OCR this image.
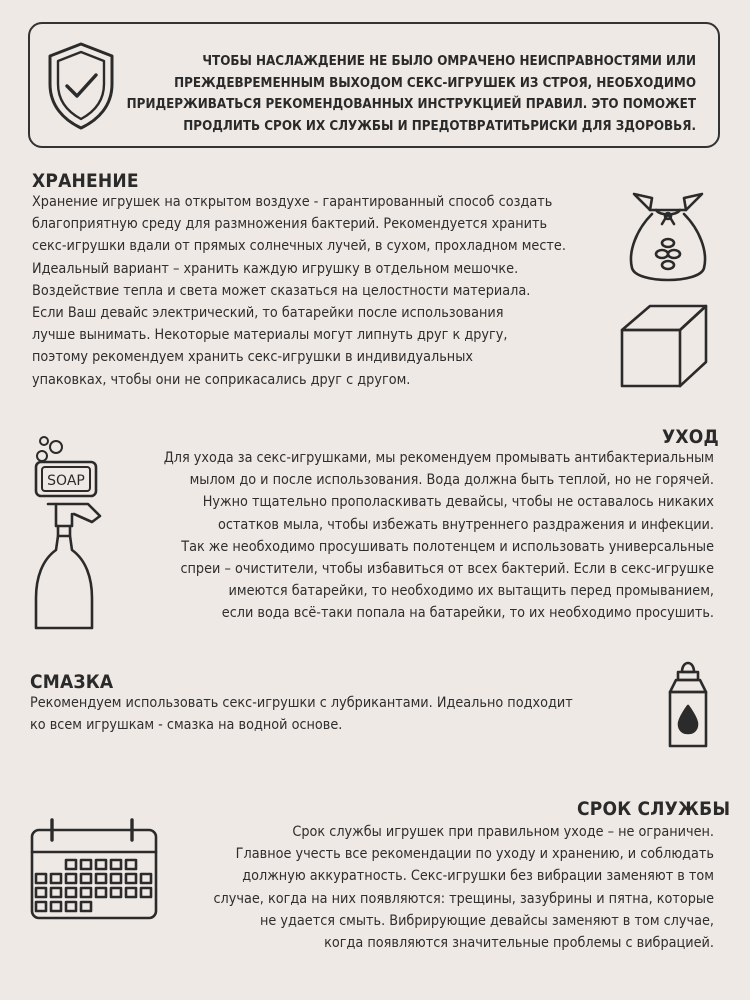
ЧТОБЫ НАСЛАЖДЕНИЕ НЕ БЫЛО ОМРАЧЕНО НЕИСПРАВНОСТЯМИ ИЛИ
ПРЕЖДЕВРЕМЕННЫМ ВЫХОДОМ СЕКС-ИГРУШЕК ИЗ СТРОЯ, НЕОБХОДИМО
ПРИДЕРЖИВАТЬСЯ РЕКОМЕНДОВАННЫХ ИНСТРУКЦИЕЙ ПРАВИЛ. ЭТО ПОМОЖЕТ
ПРОДЛИТЬ СРОК ИХ СЛУЖБЫ И ПРЕДОТВРАТИТЬРИСКИ ДЛЯ ЗДОРОВЬЯ.
ХРАНЕНИЕ
Хранение игрушек на открытом воздухе - гарантированный способ создать
благоприятную среду для размножения бактерий. Рекомендуется хранить
секс-игрушки вдали от прямых солнечных лучей, в сухом, прохладном месте.
Идеальный вариант – хранить каждую игрушку в отдельном мешочке.
Воздействие тепла и света может сказаться на целостности материала.
Если Ваш девайс электрический, то батарейки после использования
лучше вынимать. Некоторые материалы могут липнуть друг к другу,
поэтому рекомендуем хранить секс-игрушки в индивидуальных
упаковках, чтобы они не соприкасались друг с другом.
УХОД
Для ухода за секс-игрушками, мы рекомендуем промывать антибактериальным
мылом до и после использования. Вода должна быть теплой, но не горячей.
Нужно тщательно прополаскивать девайсы, чтобы не оставалось никаких
остатков мыла, чтобы избежать внутреннего раздражения и инфекции.
Так же необходимо просушивать полотенцем и использовать универсальные
спреи – очистители, чтобы избавиться от всех бактерий. Если в секс-игрушке
имеются батарейки, то необходимо их вытащить перед промыванием,
если вода всё-таки попала на батарейки, то их необходимо просушить.
SOAP
СМАЗКА
Рекомендуем использовать секс-игрушки с лубрикантами. Идеально подходит
ко всем игрушкам - смазка на водной основе.
СРОК СЛУЖБЫ
Срок службы игрушек при правильном уходе – не ограничен.
Главное учесть все рекомендации по уходу и хранению, и соблюдать
должную аккуратность. Секс-игрушки без вибрации заменяют в том
случае, когда на них появляются: трещины, зазубрины и пятна, которые
не удается смыть. Вибрирующие девайсы заменяют в том случае,
когда появляются значительные проблемы с вибрацией.
